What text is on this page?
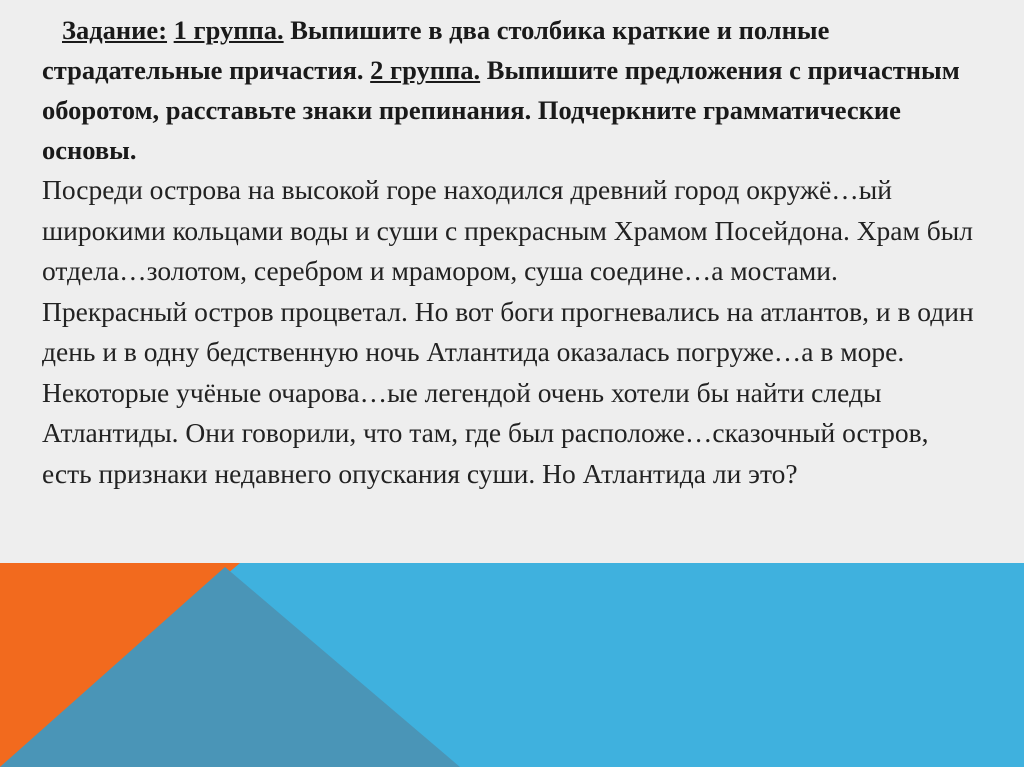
Задание: 1 группа. Выпишите в два столбика краткие и полные страдательные причастия. 2 группа. Выпишите предложения с причастным оборотом, расставьте знаки препинания. Подчеркните грамматические основы.

Посреди острова на высокой горе находился древний город окружё…ый широкими кольцами воды и суши с прекрасным Храмом Посейдона. Храм был отдела…золотом, серебром и мрамором, суша соедине…а мостами. Прекрасный остров процветал. Но вот боги прогневались на атлантов, и в один день и в одну бедственную ночь Атлантида оказалась погруже…а в море. Некоторые учёные очарова…ые легендой очень хотели бы найти следы Атлантиды. Они говорили, что там, где был расположе…сказочный остров, есть признаки недавнего опускания суши. Но Атлантида ли это?
